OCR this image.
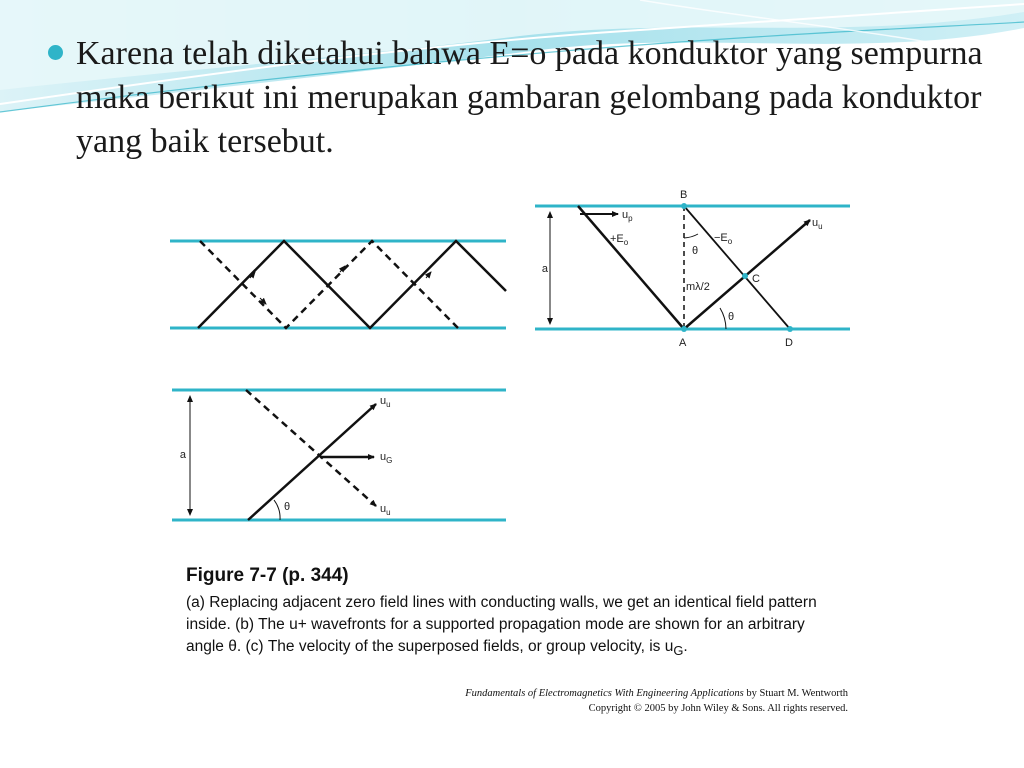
Karena telah diketahui bahwa E=o pada konduktor yang sempurna maka berikut ini merupakan gambaran gelombang pada konduktor yang baik tersebut.
a
B
A	D
C
$u_p$	$u_u$
$+E_o$	$-E_o$
θ
θ
mλ/2
a
$u_u$
$u_G$
$u_u$
θ
Figure 7-7 (p. 344)
(a) Replacing adjacent zero field lines with conducting walls, we get an identical field pattern inside. (b) The u+ wavefronts for a supported propagation mode are shown for an arbitrary angle θ. (c) The velocity of the superposed fields, or group velocity, is $u_G$.
Fundamentals of Electromagnetics With Engineering Applications by Stuart M. Wentworth
Copyright © 2005 by John Wiley & Sons. All rights reserved.
